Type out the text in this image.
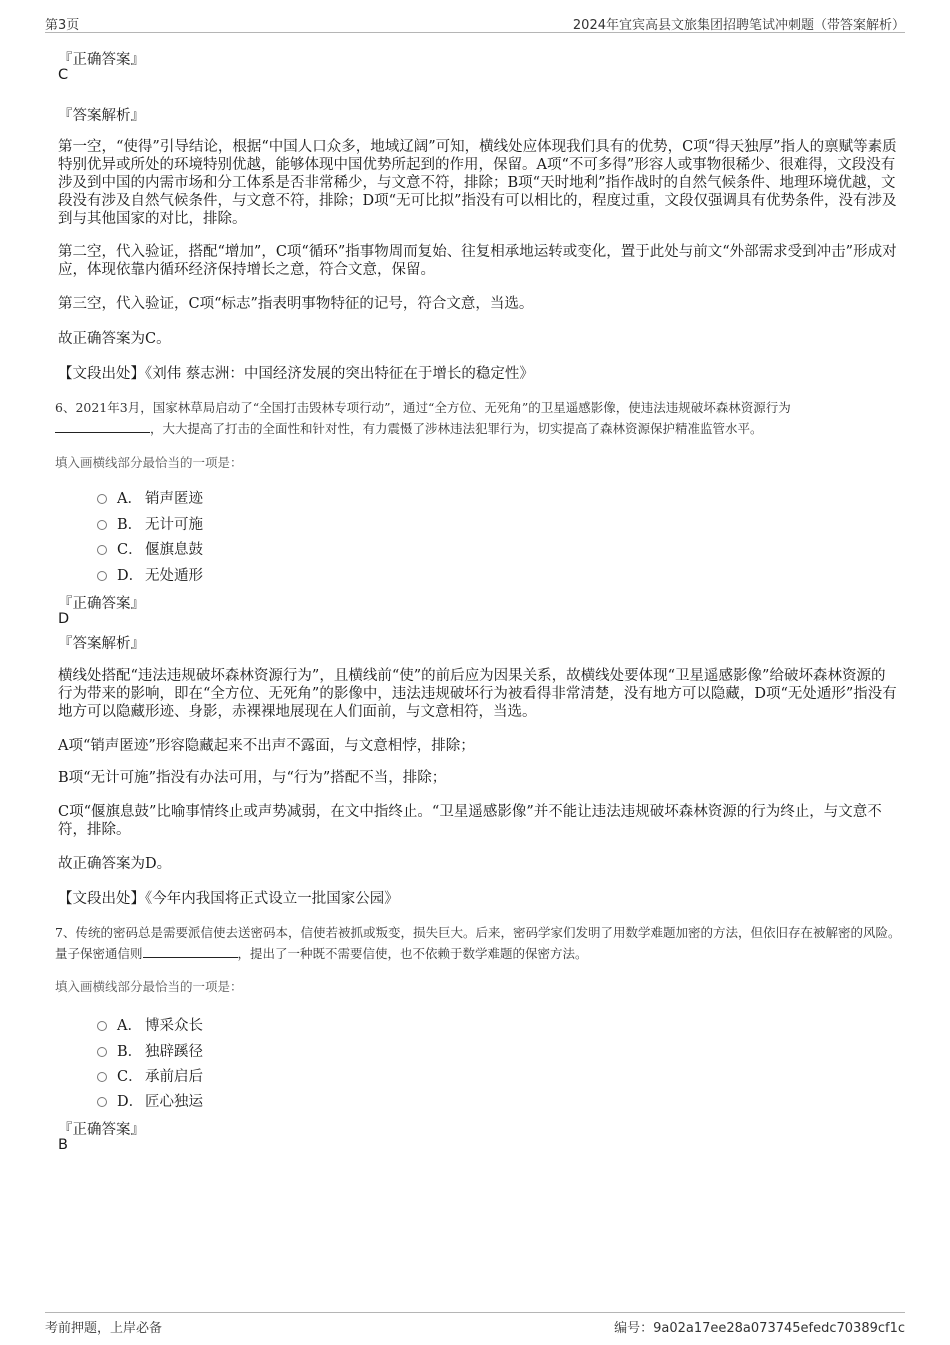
第3页	2024年宜宾高县文旅集团招聘笔试冲刺题（带答案解析）
『正确答案』
C
『答案解析』
第一空，“使得”引导结论，根据“中国人口众多，地域辽阔”可知，横线处应体现我们具有的优势，C项“得天独厚”指人的禀赋等素质特别优异或所处的环境特别优越，能够体现中国优势所起到的作用，保留。A项“不可多得”形容人或事物很稀少、很难得，文段没有涉及到中国的内需市场和分工体系是否非常稀少，与文意不符，排除；B项“天时地利”指作战时的自然气候条件、地理环境优越，文段没有涉及自然气候条件，与文意不符，排除；D项“无可比拟”指没有可以相比的，程度过重，文段仅强调具有优势条件，没有涉及到与其他国家的对比，排除。
第二空，代入验证，搭配“增加”，C项“循环”指事物周而复始、往复相承地运转或变化，置于此处与前文“外部需求受到冲击”形成对应，体现依靠内循环经济保持增长之意，符合文意，保留。
第三空，代入验证，C项“标志”指表明事物特征的记号，符合文意，当选。
故正确答案为C。
【文段出处】《刘伟 蔡志洲：中国经济发展的突出特征在于增长的稳定性》
6、2021年3月，国家林草局启动了“全国打击毁林专项行动”，通过“全方位、无死角”的卫星遥感影像，使违法违规破坏森林资源行为
，大大提高了打击的全面性和针对性，有力震慑了涉林违法犯罪行为，切实提高了森林资源保护精准监管水平。
填入画横线部分最恰当的一项是：
A． 销声匿迹
B． 无计可施
C． 偃旗息鼓
D． 无处遁形
『正确答案』
D
『答案解析』
横线处搭配“违法违规破坏森林资源行为”，且横线前“使”的前后应为因果关系，故横线处要体现“卫星遥感影像”给破坏森林资源的行为带来的影响，即在“全方位、无死角”的影像中，违法违规破坏行为被看得非常清楚，没有地方可以隐藏，D项“无处遁形”指没有地方可以隐藏形迹、身影，赤裸裸地展现在人们面前，与文意相符，当选。
A项“销声匿迹”形容隐藏起来不出声不露面，与文意相悖，排除；
B项“无计可施”指没有办法可用，与“行为”搭配不当，排除；
C项“偃旗息鼓”比喻事情终止或声势减弱，在文中指终止。“卫星遥感影像”并不能让违法违规破坏森林资源的行为终止，与文意不符，排除。
故正确答案为D。
【文段出处】《今年内我国将正式设立一批国家公园》
7、传统的密码总是需要派信使去送密码本，信使若被抓或叛变，损失巨大。后来，密码学家们发明了用数学难题加密的方法，但依旧存在被解密的风险。量子保密通信则	，提出了一种既不需要信使，也不依赖于数学难题的保密方法。
填入画横线部分最恰当的一项是：
A． 博采众长
B． 独辟蹊径
C． 承前启后
D． 匠心独运
『正确答案』
B
考前押题，上岸必备	编号：9a02a17ee28a073745efedc70389cf1c
